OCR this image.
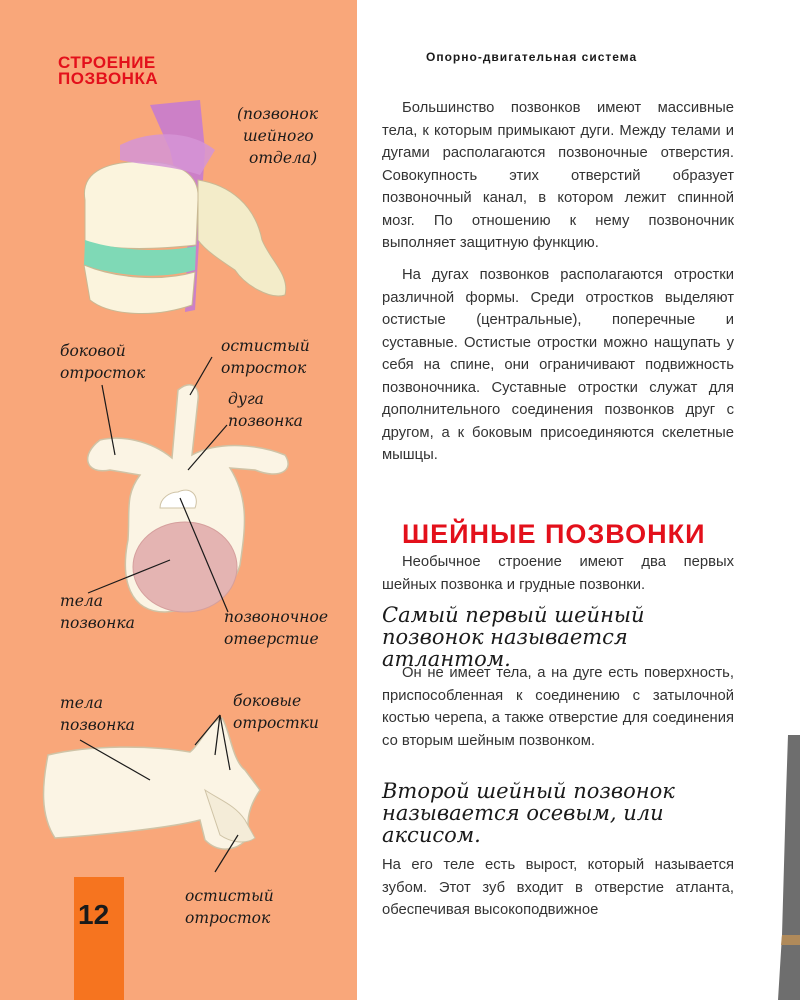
СТРОЕНИЕ
ПОЗВОНКА
(позвонок
шейного
отдела)
боковой
отросток
остистый
отросток
дуга
позвонка
тела
позвонка	позвоночное
отверстие
тела
позвонка
боковые
отростки
остистый
отросток
12
Опорно-двигательная система

Большинство позвонков имеют массивные тела, к которым примыкают дуги. Между телами и дугами располагаются позвоночные отверстия. Совокупность этих отверстий образует позвоночный канал, в котором лежит спинной мозг. По отношению к нему позвоночник выполняет защитную функцию.

На дугах позвонков располагаются отростки различной формы. Среди отростков выделяют остистые (центральные), поперечные и суставные. Остистые отростки можно нащупать у себя на спине, они ограничивают подвижность позвоночника. Суставные отростки служат для дополнительного соединения позвонков друг с другом, а к боковым присоединяются скелетные мышцы.

ШЕЙНЫЕ ПОЗВОНКИ

Необычное строение имеют два первых шейных позвонка и грудные позвонки.

Самый первый шейный позвонок называется атлантом.

Он не имеет тела, а на дуге есть поверхность, приспособленная к соединению с затылочной костью черепа, а также отверстие для соединения со вторым шейным позвонком.

Второй шейный позвонок называется осевым, или аксисом.

На его теле есть вырост, который называется зубом. Этот зуб входит в отверстие атланта, обеспечивая высокоподвижное
